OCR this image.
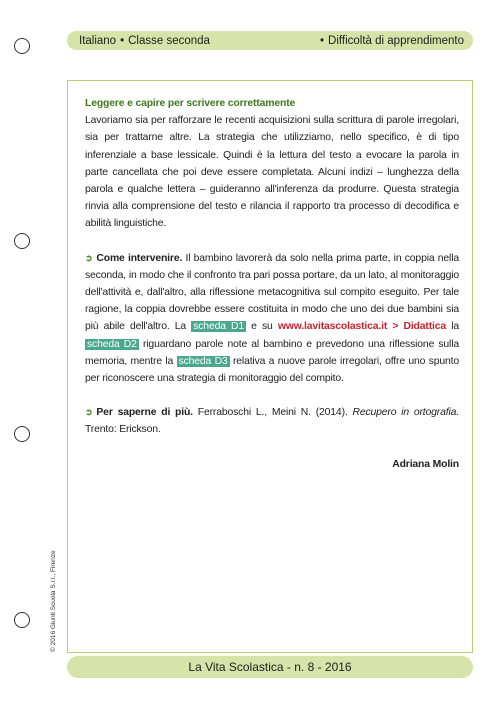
Italiano • Classe seconda	• Difficoltà di apprendimento

Leggere e capire per scrivere correttamente
Lavoriamo sia per rafforzare le recenti acquisizioni sulla scrittura di parole irregolari, sia per trattarne altre. La strategia che utilizziamo, nello specifico, è di tipo inferenziale a base lessicale. Quindi è la lettura del testo a evocare la parola in parte cancellata che poi deve essere completata. Alcuni indizi – lunghezza della parola e qualche lettera – guideranno all'inferenza da produrre. Questa strategia rinvia alla comprensione del testo e rilancia il rapporto tra processo di decodifica e abilità linguistiche.

➲ Come intervenire. Il bambino lavorerà da solo nella prima parte, in coppia nella seconda, in modo che il confronto tra pari possa portare, da un lato, al monitoraggio dell'attività e, dall'altro, alla riflessione metacognitiva sul compito eseguito. Per tale ragione, la coppia dovrebbe essere costituita in modo che uno dei due bambini sia più abile dell'altro. La scheda D1 e su www.lavitascolastica.it > Didattica la scheda D2 riguardano parole note al bambino e prevedono una riflessione sulla memoria, mentre la scheda D3 relativa a nuove parole irregolari, offre uno spunto per riconoscere una strategia di monitoraggio del compito.

➲ Per saperne di più. Ferraboschi L., Meini N. (2014). Recupero in ortografia. Trento: Erickson.

Adriana Molin
© 2016 Giunti Scuola S.r.l., Firenze
La Vita Scolastica - n. 8 - 2016
